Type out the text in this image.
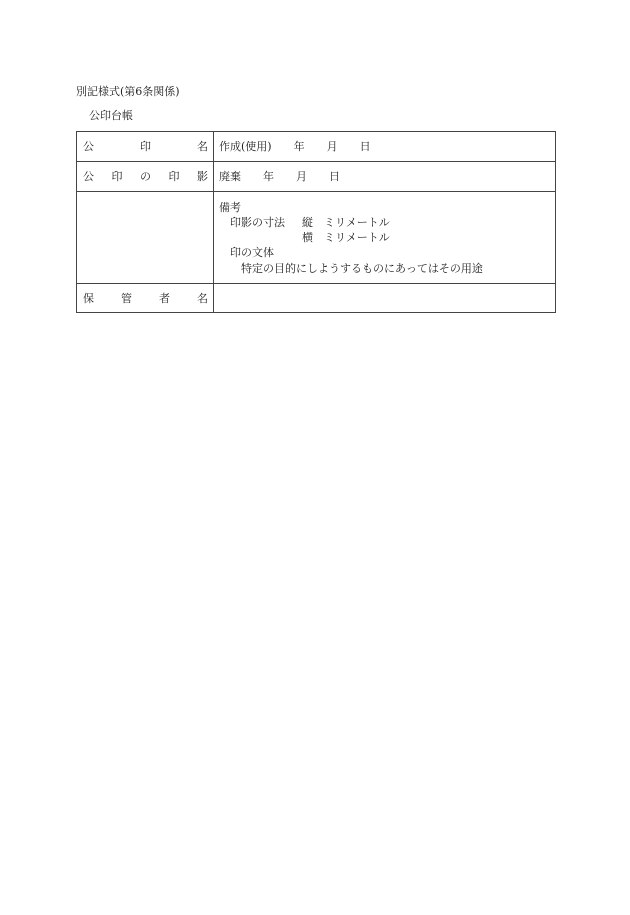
別記様式(第6条関係)
公印台帳
公	印	名 作成(使用)　　年　　月　　日
公 印 の 印 影 廃棄　　年　　月　　日
備考
印影の寸法 縦　ミリメートル
横　ミリメートル
印の文体
特定の目的にしようするものにあってはその用途
保 管 者 名
